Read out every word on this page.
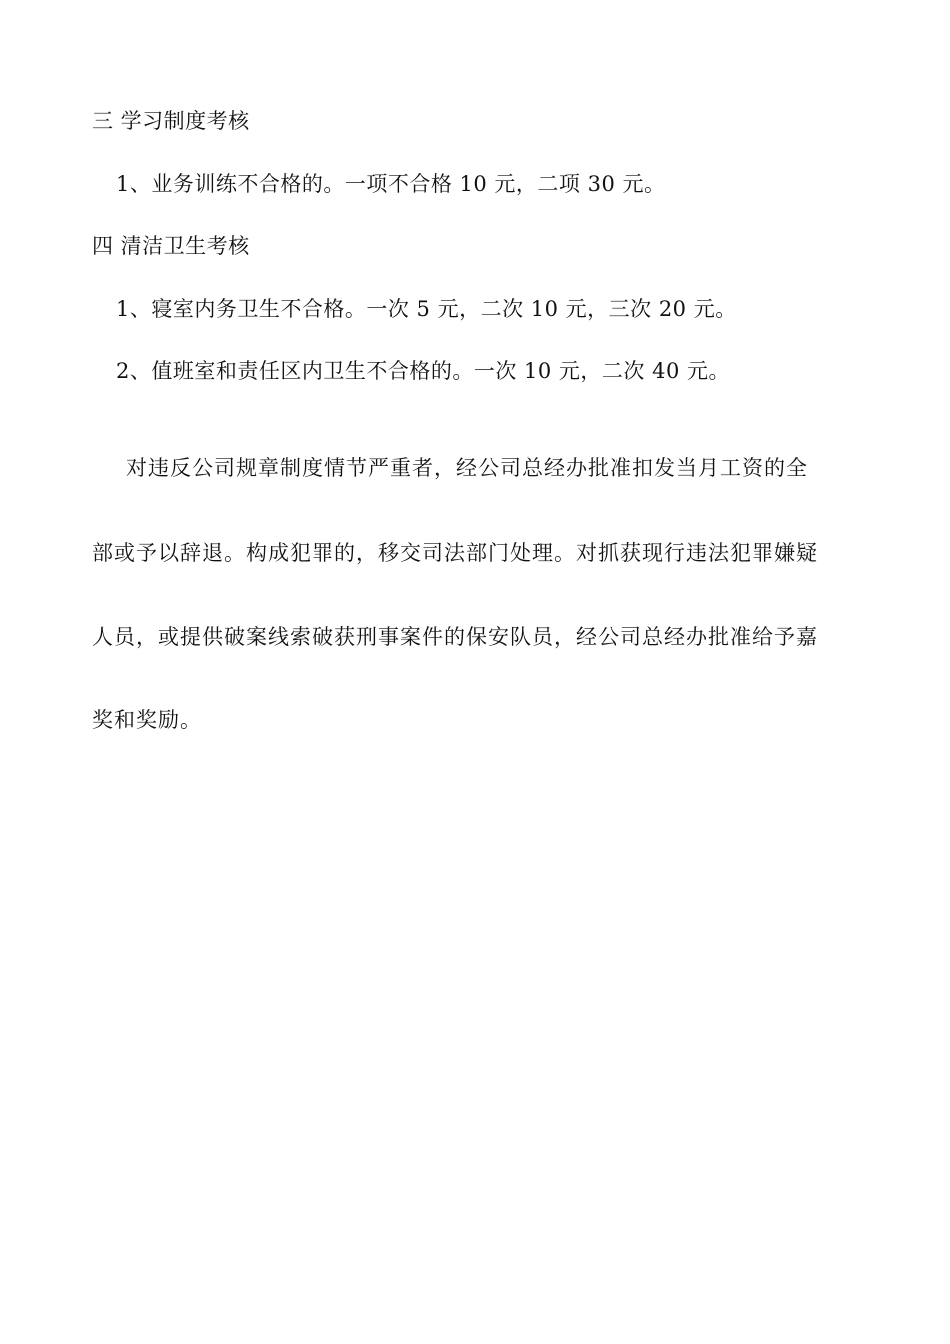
三 学习制度考核
1、业务训练不合格的。一项不合格 10 元，二项 30 元。
四 清洁卫生考核
1、寝室内务卫生不合格。一次 5 元，二次 10 元，三次 20 元。
2、值班室和责任区内卫生不合格的。一次 10 元，二次 40 元。
对违反公司规章制度情节严重者，经公司总经办批准扣发当月工资的全
部或予以辞退。构成犯罪的，移交司法部门处理。对抓获现行违法犯罪嫌疑
人员，或提供破案线索破获刑事案件的保安队员，经公司总经办批准给予嘉
奖和奖励。
